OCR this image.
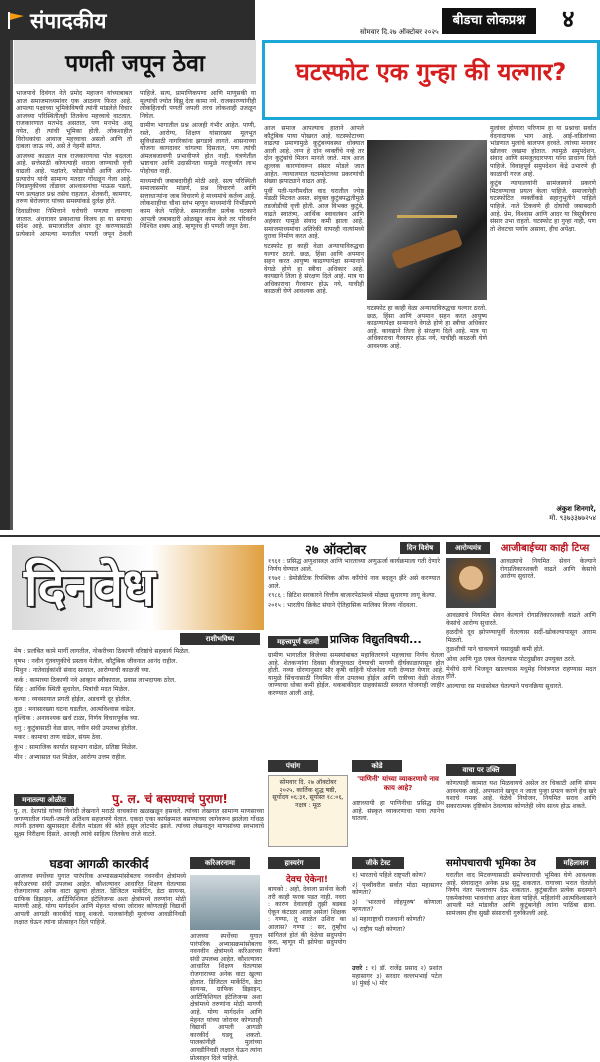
संपादकीय	सोमवार दि.२७ ऑक्टोबर २०२५
बीडचा लोकप्रश्न	४
पणती जपून ठेवा

भाजपाचे दिवंगत नेते प्रमोद महाजन यांच्याबाबत आज समाजमाध्यमांवर एक आठवण फिरत आहे. आपल्या पक्षाच्या भूमिकेविषयी त्यांनी मांडलेले विचार आजच्या परिस्थितीतही तितकेच महत्त्वाचे वाटतात. राजकारणात मतभेद असतात, पण मनभेद असू नयेत, ही त्यांची भूमिका होती. लोकशाहीत विरोधकांचा आवाज महत्त्वाचा असतो आणि तो दाबला जाऊ नये, असे ते नेहमी सांगत.

आजच्या काळात मात्र राजकारणाचा पोत बदलला आहे. सत्तेसाठी कोणत्याही थराला जाण्याची वृत्ती वाढली आहे. पक्षांतरे, फोडाफोडी आणि आरोप-प्रत्यारोप यांनी सामान्य मतदार गोंधळून गेला आहे. निवडणुकीच्या तोंडावर आश्वासनांचा पाऊस पडतो, पण प्रत्यक्षात प्रश्न तसेच राहतात. शेतकरी, कामगार, तरुण बेरोजगार यांच्या समस्यांकडे दुर्लक्ष होते.

दिवाळीच्या निमित्ताने घरोघरी पणत्या लावल्या जातात. अंधारावर प्रकाशाचा विजय हा या सणाचा संदेश आहे. समाजातील अंधार दूर करण्यासाठी प्रत्येकाने आपल्या मनातील पणती जपून ठेवली पाहिजे. सत्य, प्रामाणिकपणा आणि माणुसकी या मूल्यांची ज्योत विझू देता कामा नये. राजकारण्यांनीही लोकहिताची पणती जपली तरच लोकशाही उजळून निघेल.

ग्रामीण भागातील प्रश्न आजही गंभीर आहेत. पाणी, रस्ते, आरोग्य, शिक्षण यांसारख्या मूलभूत सुविधांसाठी नागरिकांना झगडावे लागते. शासनाच्या योजना कागदावर चांगल्या दिसतात, पण त्यांची अंमलबजावणी प्रभावीपणे होत नाही. यंत्रणेतील भ्रष्टाचार आणि उदासीनता यामुळे गरजूंपर्यंत लाभ पोहोचत नाही.

माध्यमांची जबाबदारीही मोठी आहे. सत्य परिस्थिती समाजासमोर मांडणे, प्रश्न विचारणे आणि सत्ताधाऱ्यांना जाब विचारणे हे माध्यमांचे कर्तव्य आहे. लोकशाहीचा चौथा स्तंभ म्हणून माध्यमांनी निर्भीडपणे काम केले पाहिजे. समाजातील प्रत्येक घटकाने आपली जबाबदारी ओळखून काम केले तर परिवर्तन निश्चित शक्य आहे. म्हणूनच ही पणती जपून ठेवा.

घटस्फोट एक गुन्हा की यल्गार?

आज समाज आपल्याच हाताने आपले कौटुंबिक पाया पोखरत आहे. घटस्फोटाच्या वाढत्या प्रमाणामुळे कुटुंबव्यवस्था धोक्यात आली आहे. लग्न हे दोन व्यक्तींचे नव्हे तर दोन कुटुंबांचे मिलन मानले जाते. मात्र आज क्षुल्लक कारणांवरून संसार मोडले जात आहेत. न्यायालयात घटस्फोटाच्या प्रकरणांची संख्या झपाट्याने वाढत आहे.

पूर्वी पती-पत्नीमधील वाद घरातील ज्येष्ठ मंडळी मिटवत असत. संयुक्त कुटुंबपद्धतीमुळे तडजोडीची वृत्ती होती. आज विभक्त कुटुंबे, वाढते स्वातंत्र्य, आर्थिक स्वावलंबन आणि अहंकार यामुळे संवाद कमी झाला आहे. समाजमाध्यमांचा अतिरेकी वापरही नात्यांमध्ये दुरावा निर्माण करत आहे.

घटस्फोट हा काही वेळा अन्यायाविरुद्धचा यल्गार ठरतो. छळ, हिंसा आणि अपमान सहन करत आयुष्य काढण्यापेक्षा सन्मानाने वेगळे होणे हा स्त्रीचा अधिकार आहे. कायद्याने तिला हे संरक्षण दिले आहे. मात्र या अधिकाराचा गैरवापर होऊ नये, याचीही काळजी घेणे आवश्यक आहे.

मुलांवर होणारा परिणाम हा या प्रश्नाचा सर्वात वेदनादायक भाग आहे. आई-वडिलांच्या भांडणात मुलांचे बालपण हरवते. त्यांच्या मनावर खोलवर जखमा होतात. त्यामुळे समुपदेशन, संवाद आणि समजूतदारपणा यांना प्राधान्य दिले पाहिजे. विवाहपूर्व समुपदेशन केंद्रे उभारणे ही काळाची गरज आहे.

कुटुंब न्यायालयांनी सामंजस्याने प्रकरणे मिटवण्याचा प्रयत्न केला पाहिजे. समाजानेही घटस्फोटित व्यक्तींकडे सहानुभूतीने पाहिले पाहिजे. नाते टिकवणे ही दोघांची जबाबदारी आहे. प्रेम, विश्वास आणि आदर या त्रिसूत्रीवरच संसार उभा राहतो. घटस्फोट हा गुन्हा नाही, पण तो शेवटचा पर्याय असावा, हीच अपेक्षा.

घटस्फोट हा काही वेळा अन्यायाविरुद्धचा यल्गार ठरतो. छळ, हिंसा आणि अपमान सहन करत आयुष्य काढण्यापेक्षा सन्मानाने वेगळे होणे हा स्त्रीचा अधिकार आहे. कायद्याने तिला हे संरक्षण दिले आहे. मात्र या अधिकाराचा गैरवापर होऊ नये, याचीही काळजी घेणे आवश्यक आहे.

अंकुश शिनगारे,
मो. ९३७३३७७२५४
दिनवेध
२७ ऑक्टोबर	दिन विशेष

१९६१ : प्रसिद्ध अणुशास्त्रज्ञ आणि भारताच्या अणुऊर्जा कार्यक्रमाला गती देणारे निर्णय घेण्यात आले.

१९७१ : डेमोक्रॅटिक रिपब्लिक ऑफ काँगोचे नाव बदलून झैरे असे करण्यात आले.

१९८६ : ब्रिटिश सरकारने वित्तीय बाजारपेठांमध्ये मोठ्या सुधारणा लागू केल्या.

२०१५ : भारतीय क्रिकेट संघाने ऐतिहासिक मालिका विजय नोंदवला.

आरोग्यमंत्र	आजीबाईच्या काही टिप्स

आवळ्याचे नियमित सेवन केल्याने रोगप्रतिकारशक्ती वाढते आणि केसांचे आरोग्य सुधारते.

हळदीचे दूध झोपण्यापूर्वी घेतल्यास सर्दी-खोकल्यापासून आराम मिळतो.

तुळशीची पाने चावल्याने घसादुखी कमी होते.

ओवा आणि गूळ एकत्र घेतल्यास पोटदुखीवर उपयुक्त ठरते.

मेथीचे दाणे भिजवून खाल्ल्यास मधुमेह नियंत्रणात राहण्यास मदत होते.

आल्याचा रस मधासोबत घेतल्याने पचनक्रिया सुधारते.

आवळ्याचे नियमित सेवन केल्याने रोगप्रतिकारशक्ती वाढते आणि केसांचे आरोग्य सुधारते.

राशीभविष्य

मेष : प्रलंबित कामे मार्गी लागतील, नोकरीच्या ठिकाणी वरिष्ठांचे सहकार्य मिळेल.

वृषभ : नवीन गुंतवणुकीचे प्रस्ताव येतील, कौटुंबिक जीवनात आनंद राहील.

मिथुन : नातेवाईकांशी संवाद साधाल, आरोग्याची काळजी घ्या.

कर्क : कामाच्या ठिकाणी नवे आव्हान स्वीकाराल, प्रवास लाभदायक ठरेल.

सिंह : आर्थिक स्थिती सुधारेल, मित्रांची मदत मिळेल.

कन्या : व्यवसायात प्रगती होईल, अडचणी दूर होतील.

तूळ : मनासारख्या घटना घडतील, आत्मविश्वास वाढेल.

वृश्चिक : अनावश्यक खर्च टाळा, निर्णय विचारपूर्वक घ्या.

धनु : कुटुंबासाठी वेळ द्याल, नवीन संधी उपलब्ध होतील.

मकर : कामाचा ताण वाढेल, संयम ठेवा.

कुंभ : सामाजिक कार्यात सहभाग वाढेल, प्रतिष्ठा मिळेल.

मीन : अभ्यासात यश मिळेल, आरोग्य उत्तम राहील.

महत्त्वपूर्ण बातमी	प्राजिक विद्युतविषयी...
ग्रामीण भागातील विजेच्या समस्यांबाबत महावितरणने महत्त्वाचा निर्णय घेतला आहे. शेतकऱ्यांना दिवसा वीजपुरवठा देण्याची मागणी दीर्घकाळापासून होत होती. नव्या धोरणानुसार सौर कृषी वाहिनी योजनेला गती देण्यात येणार आहे. यामुळे सिंचनासाठी नियमित वीज उपलब्ध होईल आणि रात्रीच्या वेळी शेतात जाण्याचा धोका कमी होईल. थकबाकीदार ग्राहकांसाठी सवलत योजनाही जाहीर करण्यात आली आहे.
मनातल्या ओळीत	पु. ल. चं बसण्याचं पुराण!
पु. ल. देशपांडे यांच्या विनोदी लेखनाने मराठी वाचकांना खळखळून हसवले. त्यांच्या लेखनात सामान्य माणसाच्या जगण्यातील गंमती-जमती अतिशय सहजपणे येतात. एकदा एका कार्यक्रमात बसण्याच्या जागेवरून झालेला गोंधळ त्यांनी इतक्या खुमासदार शैलीत मांडला की श्रोते हसून लोटपोट झाले. त्यांच्या लेखनातून माणसांच्या स्वभावाचे सूक्ष्म निरीक्षण दिसते. आजही त्यांचे साहित्य तितकेच ताजे वाटते.
पंचांग
सोमवार दि. २७ ऑक्टोबर २०२५, कार्तिक शुद्ध षष्ठी, सूर्योदय ०६:३१, सूर्यास्त १८:०६, नक्षत्र : मूळ
कोडे
'पाणिनी' यांच्या व्याकरणाचे नाव काय आहे?
अष्टाध्यायी हा पाणिनीचा प्रसिद्ध ग्रंथ आहे. संस्कृत व्याकरणाचा पाया त्यानेच घातला.
वाचा पर उक्ति
कोणत्याही कामात यश मिळवायचे असेल तर चिकाटी आणि संयम आवश्यक आहे. अपयशाने खचून न जाता पुन्हा प्रयत्न करणे हेच खरे यशाचे गमक आहे. वेळेचे नियोजन, नियमित सराव आणि सकारात्मक दृष्टिकोन ठेवल्यास कोणतेही ध्येय साध्य होऊ शकते.
घडवा आगळी कारकीर्द	करिअरनामा
आजच्या स्पर्धेच्या युगात पारंपरिक अभ्यासक्रमांसोबतच नवनवीन क्षेत्रांमध्ये करिअरच्या संधी उपलब्ध आहेत. कौशल्यावर आधारित शिक्षण घेतल्यास रोजगाराच्या अनेक वाटा खुल्या होतात. डिजिटल मार्केटिंग, डेटा सायन्स, ग्राफिक डिझाइन, आर्टिफिशियल इंटेलिजन्स अशा क्षेत्रांमध्ये तरुणांना मोठी मागणी आहे. योग्य मार्गदर्शन आणि मेहनत यांच्या जोरावर कोणताही विद्यार्थी आपली आगळी कारकीर्द घडवू शकतो. पालकांनीही मुलांच्या आवडीनिवडी लक्षात घेऊन त्यांना प्रोत्साहन दिले पाहिजे.
आजच्या स्पर्धेच्या युगात पारंपरिक अभ्यासक्रमांसोबतच नवनवीन क्षेत्रांमध्ये करिअरच्या संधी उपलब्ध आहेत. कौशल्यावर आधारित शिक्षण घेतल्यास रोजगाराच्या अनेक वाटा खुल्या होतात. डिजिटल मार्केटिंग, डेटा सायन्स, ग्राफिक डिझाइन, आर्टिफिशियल इंटेलिजन्स अशा क्षेत्रांमध्ये तरुणांना मोठी मागणी आहे. योग्य मार्गदर्शन आणि मेहनत यांच्या जोरावर कोणताही विद्यार्थी आपली आगळी कारकीर्द घडवू शकतो. पालकांनीही मुलांच्या आवडीनिवडी लक्षात घेऊन त्यांना प्रोत्साहन दिले पाहिजे.
हास्यरंग
देवच ऐकेना!
बायको : अहो, देवाला प्रार्थना केली तरी काही फरक पडत नाही. नवरा : कारण देवालाही तुझी बडबड ऐकून कंटाळा आला असेल! शिक्षक : गण्या, तू शाळेत उशिरा का आलास? गण्या : सर, तुम्हीच सांगितलं होतं की वेळेचा सदुपयोग करा, म्हणून मी झोपेचा सदुपयोग केला!
जीके टेस्ट

१) भारताचे पहिले राष्ट्रपती कोण?

२) पृथ्वीवरील सर्वात मोठा महासागर कोणता?

३) 'भारताचे लोहपुरुष' कोणाला म्हणतात?

४) महाराष्ट्राची राजधानी कोणती?

५) राष्ट्रीय पक्षी कोणता?

उत्तरे : १) डॉ. राजेंद्र प्रसाद २) प्रशांत महासागर ३) सरदार वल्लभभाई पटेल ४) मुंबई ५) मोर
समोपचाराची भूमिका ठेव	महिलासन
घरातील वाद मिटवण्यासाठी समोपचाराची भूमिका घेणे आवश्यक आहे. संवादातून अनेक प्रश्न सुटू शकतात. रागाच्या भरात घेतलेले निर्णय नंतर पश्चात्ताप देऊ शकतात. कुटुंबातील प्रत्येक सदस्याने एकमेकांच्या भावनांचा आदर केला पाहिजे. महिलांनी आत्मविश्वासाने आपली मते मांडावीत आणि कुटुंबानेही त्यांना पाठिंबा द्यावा. सामंजस्य हीच सुखी संसाराची गुरुकिल्ली आहे.
